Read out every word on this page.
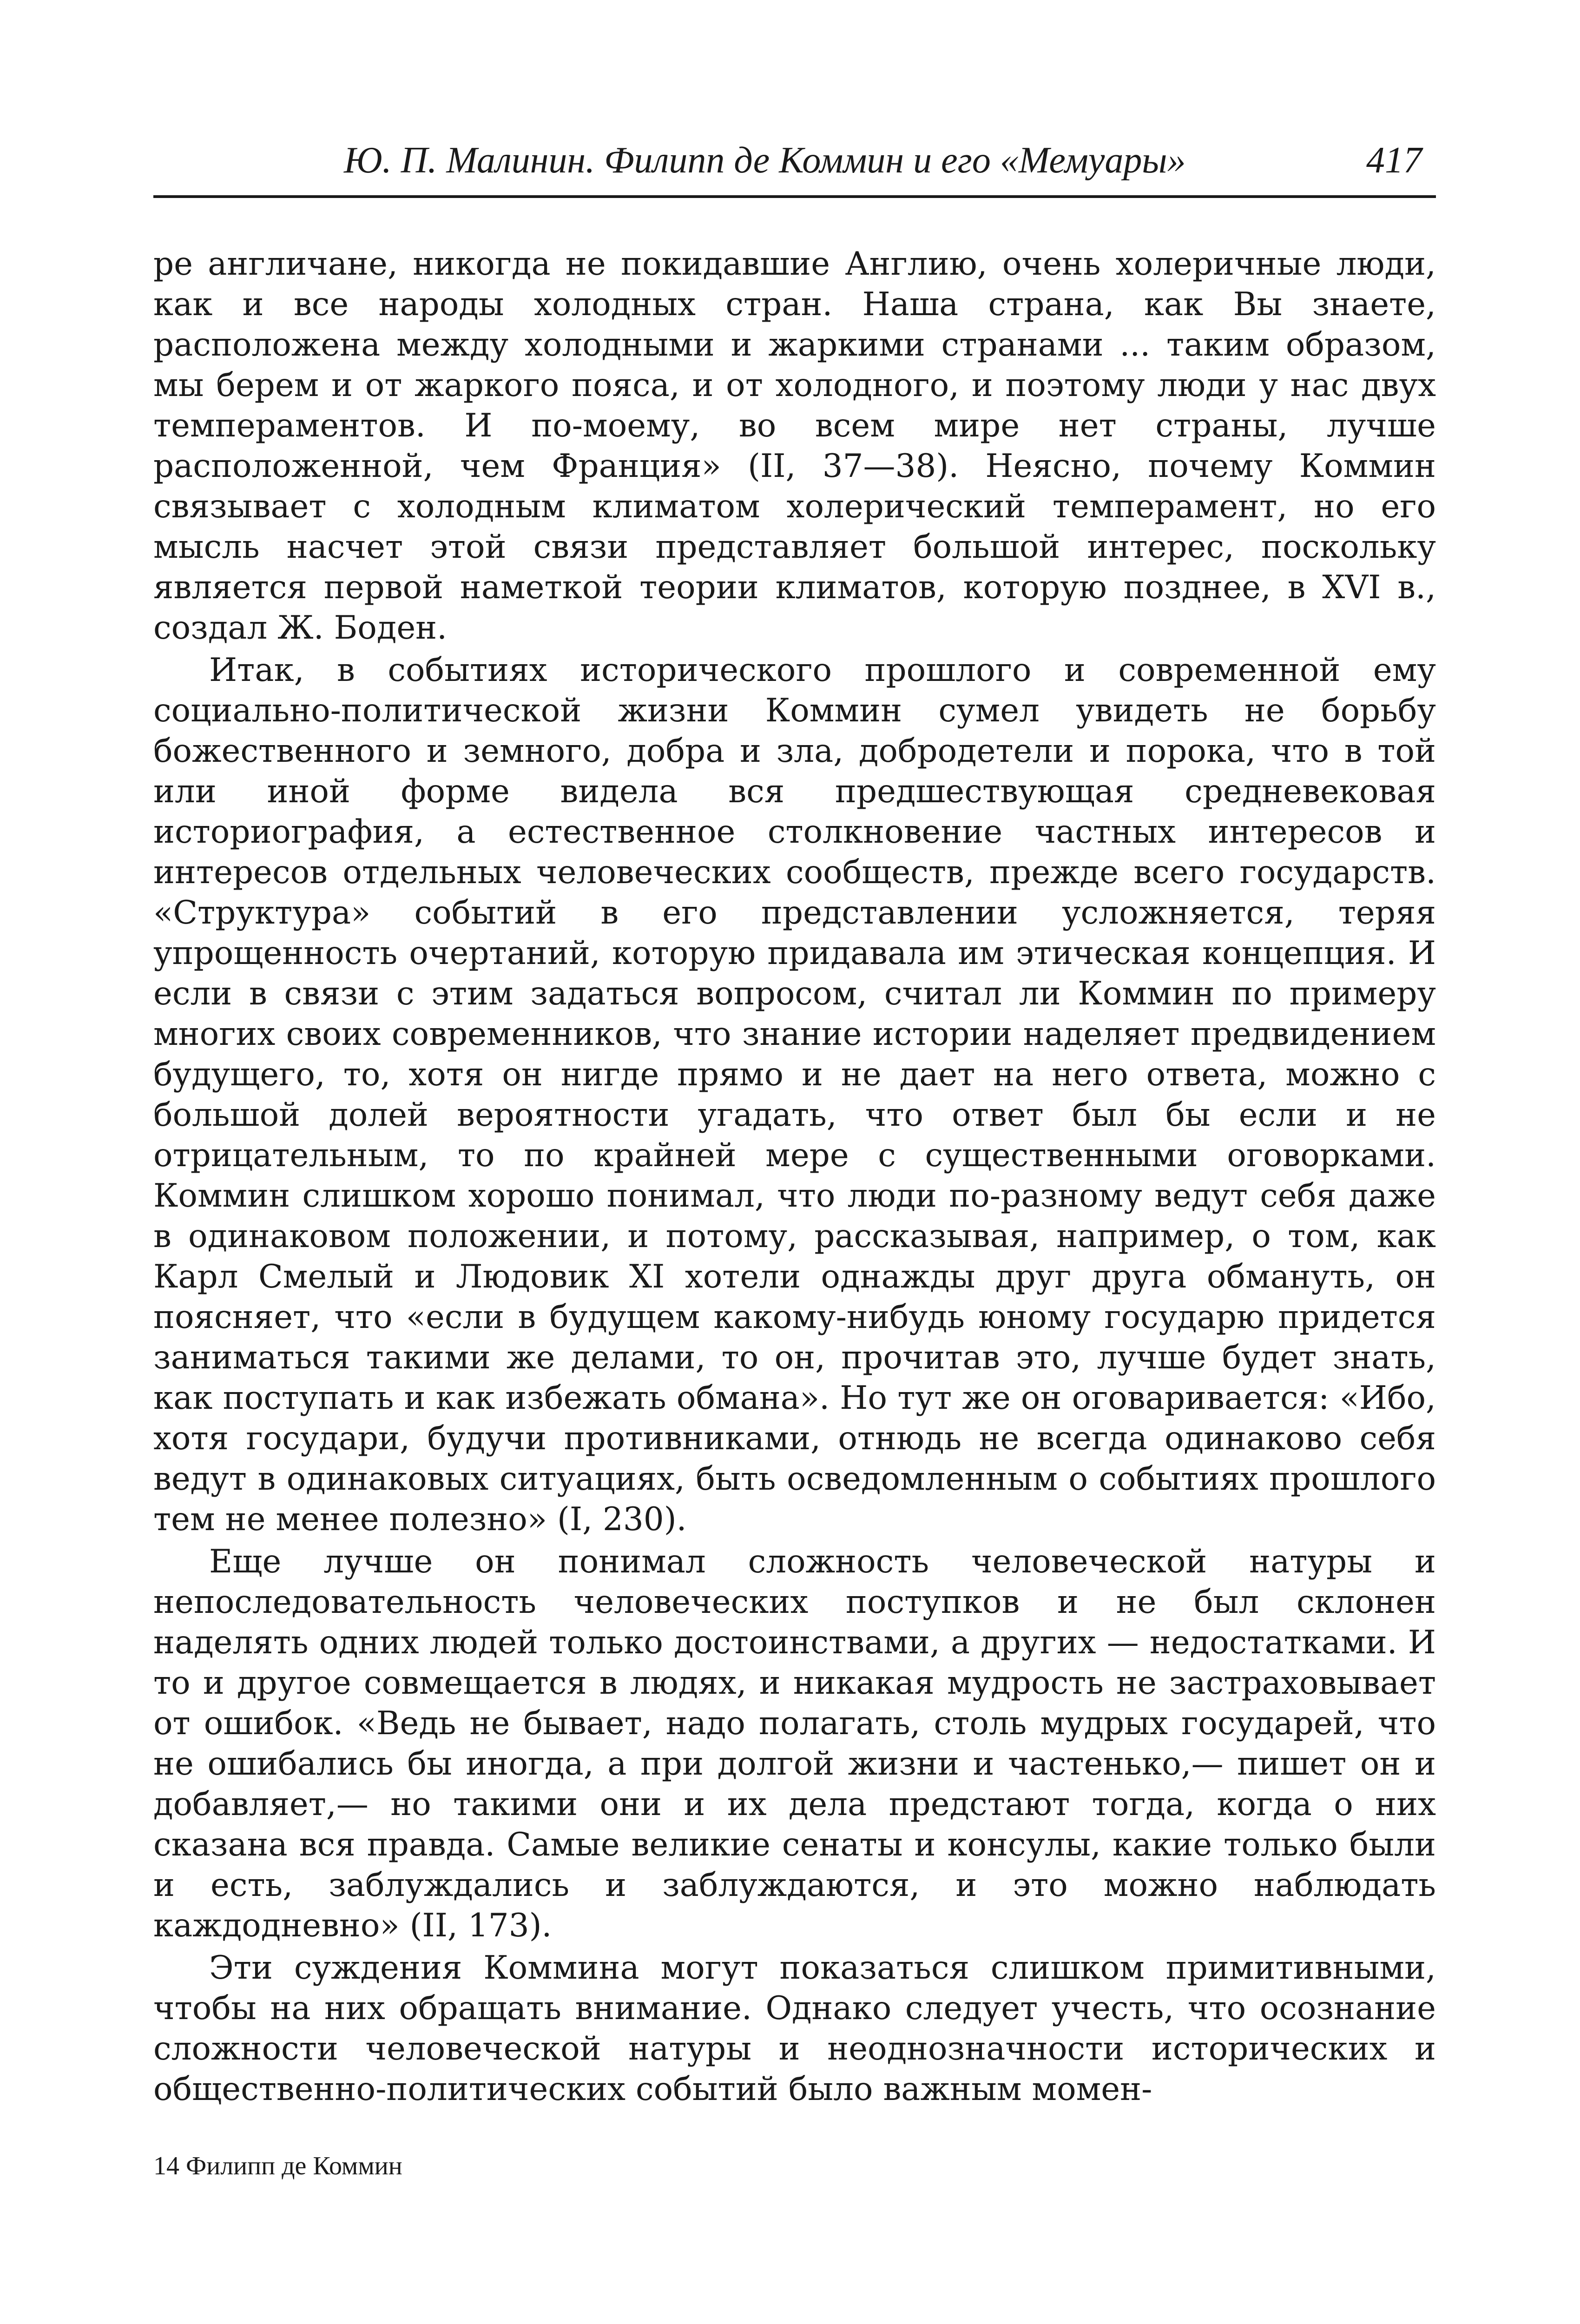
Ю. П. Малинин. Филипп де Коммин и его «Мемуары»	417

ре англичане, никогда не покидавшие Англию, очень холеричные люди, как и все народы холодных стран. Наша страна, как Вы знаете, расположена между холодными и жаркими странами ... таким образом, мы берем и от жаркого пояса, и от холодного, и поэтому люди у нас двух темпераментов. И по-моему, во всем мире нет страны, лучше расположенной, чем Франция» (II, 37—38). Неясно, почему Коммин связывает с холодным климатом холерический темперамент, но его мысль насчет этой связи представляет большой интерес, поскольку является первой наметкой теории климатов, которую позднее, в XVI в., создал Ж. Боден.

Итак, в событиях исторического прошлого и современной ему социально-политической жизни Коммин сумел увидеть не борьбу божественного и земного, добра и зла, добродетели и порока, что в той или иной форме видела вся предшествующая средневековая историография, а естественное столкновение частных интересов и интересов отдельных человеческих сообществ, прежде всего государств. «Структура» событий в его представлении усложняется, теряя упрощенность очертаний, которую придавала им этическая концепция. И если в связи с этим задаться вопросом, считал ли Коммин по примеру многих своих современников, что знание истории наделяет предвидением будущего, то, хотя он нигде прямо и не дает на него ответа, можно с большой долей вероятности угадать, что ответ был бы если и не отрицательным, то по крайней мере с существенными оговорками. Коммин слишком хорошо понимал, что люди по-разному ведут себя даже в одинаковом положении, и потому, рассказывая, например, о том, как Карл Смелый и Людовик XI хотели однажды друг друга обмануть, он поясняет, что «если в будущем какому-нибудь юному государю придется заниматься такими же делами, то он, прочитав это, лучше будет знать, как поступать и как избежать обмана». Но тут же он оговаривается: «Ибо, хотя государи, будучи противниками, отнюдь не всегда одинаково себя ведут в одинаковых ситуациях, быть осведомленным о событиях прошлого тем не менее полезно» (I, 230).

Еще лучше он понимал сложность человеческой натуры и непоследовательность человеческих поступков и не был склонен наделять одних людей только достоинствами, а других — недостатками. И то и другое совмещается в людях, и никакая мудрость не застраховывает от ошибок. «Ведь не бывает, надо полагать, столь мудрых государей, что не ошибались бы иногда, а при долгой жизни и частенько,— пишет он и добавляет,— но такими они и их дела предстают тогда, когда о них сказана вся правда. Самые великие сенаты и консулы, какие только были и есть, заблуждались и заблуждаются, и это можно наблюдать каждодневно» (II, 173).

Эти суждения Коммина могут показаться слишком примитивными, чтобы на них обращать внимание. Однако следует учесть, что осознание сложности человеческой натуры и неоднозначности исторических и общественно-политических событий было важным момен-

14 Филипп де Коммин
